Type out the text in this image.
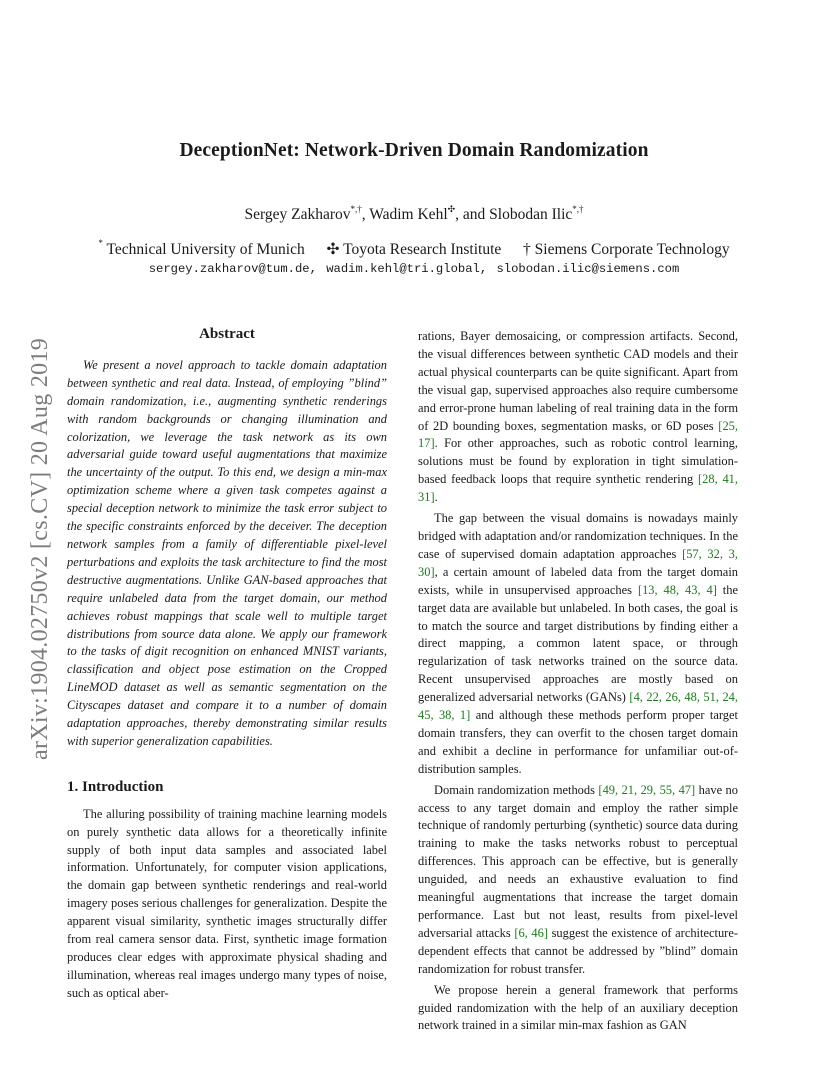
DeceptionNet: Network-Driven Domain Randomization
Sergey Zakharov*,†, Wadim Kehl✣, and Slobodan Ilic*,†
* Technical University of Munich ✣ Toyota Research Institute † Siemens Corporate Technology
sergey.zakharov@tum.de, wadim.kehl@tri.global, slobodan.ilic@siemens.com
arXiv:1904.02750v2 [cs.CV] 20 Aug 2019
Abstract

We present a novel approach to tackle domain adaptation between synthetic and real data. Instead, of employing ”blind” domain randomization, i.e., augmenting synthetic renderings with random backgrounds or changing illumination and colorization, we leverage the task network as its own adversarial guide toward useful augmentations that maximize the uncertainty of the output. To this end, we design a min-max optimization scheme where a given task competes against a special deception network to minimize the task error subject to the specific constraints enforced by the deceiver. The deception network samples from a family of differentiable pixel-level perturbations and exploits the task architecture to find the most destructive augmentations. Unlike GAN-based approaches that require unlabeled data from the target domain, our method achieves robust mappings that scale well to multiple target distributions from source data alone. We apply our framework to the tasks of digit recognition on enhanced MNIST variants, classification and object pose estimation on the Cropped LineMOD dataset as well as semantic segmentation on the Cityscapes dataset and compare it to a number of domain adaptation approaches, thereby demonstrating similar results with superior generalization capabilities.

1. Introduction

The alluring possibility of training machine learning models on purely synthetic data allows for a theoretically infinite supply of both input data samples and associated label information. Unfortunately, for computer vision applications, the domain gap between synthetic renderings and real-world imagery poses serious challenges for generalization. Despite the apparent visual similarity, synthetic images structurally differ from real camera sensor data. First, synthetic image formation produces clear edges with approximate physical shading and illumination, whereas real images undergo many types of noise, such as optical aber-

rations, Bayer demosaicing, or compression artifacts. Second, the visual differences between synthetic CAD models and their actual physical counterparts can be quite significant. Apart from the visual gap, supervised approaches also require cumbersome and error-prone human labeling of real training data in the form of 2D bounding boxes, segmentation masks, or 6D poses [25, 17]. For other approaches, such as robotic control learning, solutions must be found by exploration in tight simulation-based feedback loops that require synthetic rendering [28, 41, 31].

The gap between the visual domains is nowadays mainly bridged with adaptation and/or randomization techniques. In the case of supervised domain adaptation approaches [57, 32, 3, 30], a certain amount of labeled data from the target domain exists, while in unsupervised approaches [13, 48, 43, 4] the target data are available but unlabeled. In both cases, the goal is to match the source and target distributions by finding either a direct mapping, a common latent space, or through regularization of task networks trained on the source data. Recent unsupervised approaches are mostly based on generalized adversarial networks (GANs) [4, 22, 26, 48, 51, 24, 45, 38, 1] and although these methods perform proper target domain transfers, they can overfit to the chosen target domain and exhibit a decline in performance for unfamiliar out-of-distribution samples.

Domain randomization methods [49, 21, 29, 55, 47] have no access to any target domain and employ the rather simple technique of randomly perturbing (synthetic) source data during training to make the tasks networks robust to perceptual differences. This approach can be effective, but is generally unguided, and needs an exhaustive evaluation to find meaningful augmentations that increase the target domain performance. Last but not least, results from pixel-level adversarial attacks [6, 46] suggest the existence of architecture-dependent effects that cannot be addressed by ”blind” domain randomization for robust transfer.

We propose herein a general framework that performs guided randomization with the help of an auxiliary deception network trained in a similar min-max fashion as GAN
